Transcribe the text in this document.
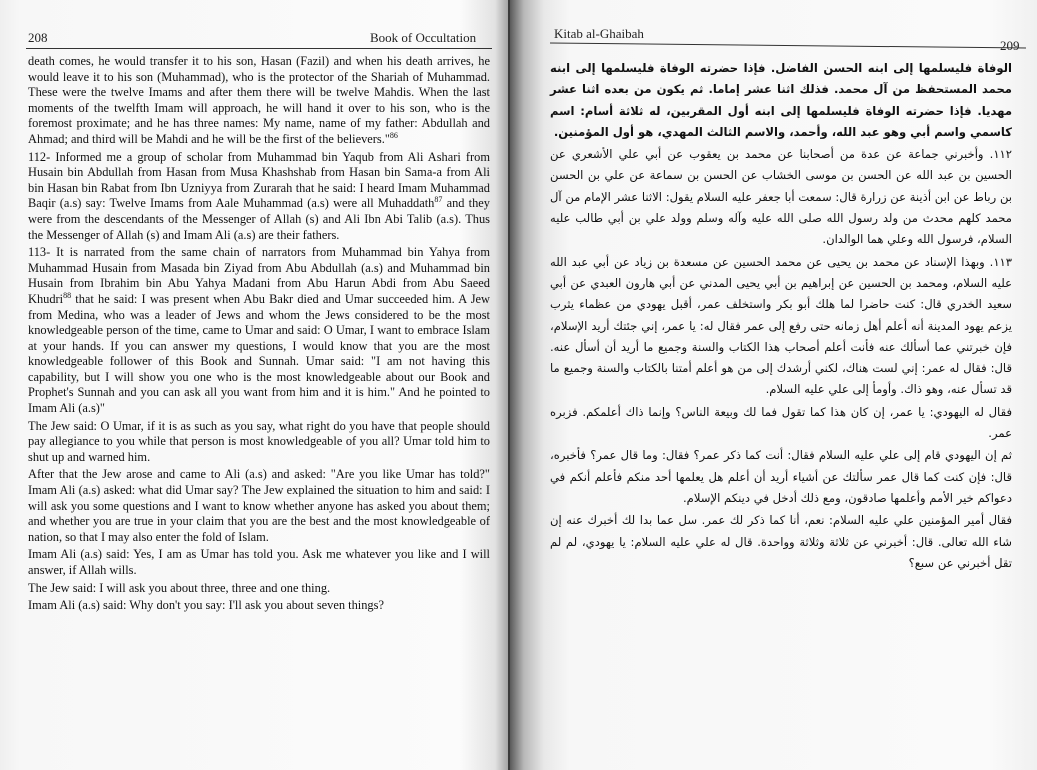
208	Book of Occultation

death comes, he would transfer it to his son, Hasan (Fazil) and when his death arrives, he would leave it to his son (Muhammad), who is the protector of the Shariah of Muhammad. These were the twelve Imams and after them there will be twelve Mahdis. When the last moments of the twelfth Imam will approach, he will hand it over to his son, who is the foremost proximate; and he has three names: My name, name of my father: Abdullah and Ahmad; and third will be Mahdi and he will be the first of the believers."$^{86}$

112- Informed me a group of scholar from Muhammad bin Yaqub from Ali Ashari from Husain bin Abdullah from Hasan from Musa Khashshab from Hasan bin Sama-a from Ali bin Hasan bin Rabat from Ibn Uzniyya from Zurarah that he said: I heard Imam Muhammad Baqir (a.s) say: Twelve Imams from Aale Muhammad (a.s) were all Muhaddath$^{87}$ and they were from the descendants of the Messenger of Allah (s) and Ali Ibn Abi Talib (a.s). Thus the Messenger of Allah (s) and Imam Ali (a.s) are their fathers.

113- It is narrated from the same chain of narrators from Muhammad bin Yahya from Muhammad Husain from Masada bin Ziyad from Abu Abdullah (a.s) and Muhammad bin Husain from Ibrahim bin Abu Yahya Madani from Abu Harun Abdi from Abu Saeed Khudri$^{88}$ that he said: I was present when Abu Bakr died and Umar succeeded him. A Jew from Medina, who was a leader of Jews and whom the Jews considered to be the most knowledgeable person of the time, came to Umar and said: O Umar, I want to embrace Islam at your hands. If you can answer my questions, I would know that you are the most knowledgeable follower of this Book and Sunnah. Umar said: "I am not having this capability, but I will show you one who is the most knowledgeable about our Book and Prophet's Sunnah and you can ask all you want from him and it is him." And he pointed to Imam Ali (a.s)"

The Jew said: O Umar, if it is as such as you say, what right do you have that people should pay allegiance to you while that person is most knowledgeable of you all? Umar told him to shut up and warned him.

After that the Jew arose and came to Ali (a.s) and asked: "Are you like Umar has told?" Imam Ali (a.s) asked: what did Umar say? The Jew explained the situation to him and said: I will ask you some questions and I want to know whether anyone has asked you about them; and whether you are true in your claim that you are the best and the most knowledgeable of nation, so that I may also enter the fold of Islam.

Imam Ali (a.s) said: Yes, I am as Umar has told you. Ask me whatever you like and I will answer, if Allah wills.

The Jew said: I will ask you about three, three and one thing.

Imam Ali (a.s) said: Why don't you say: I'll ask you about seven things?

Kitab al-Ghaibah
209

الوفاة فليسلمها إلى ابنه الحسن الفاضل. فإذا حضرته الوفاة فليسلمها إلى ابنه محمد المستحفظ من آل محمد. فذلك اثنا عشر إماما. ثم يكون من بعده اثنا عشر مهديا. فإذا حضرته الوفاة فليسلمها إلى ابنه أول المقربين، له ثلاثة أسام: اسم كاسمي واسم أبي وهو عبد الله، وأحمد، والاسم الثالث المهدي، هو أول المؤمنين.

١١٢. وأخبرني جماعة عن عدة من أصحابنا عن محمد بن يعقوب عن أبي علي الأشعري عن الحسين بن عبد الله عن الحسن بن موسى الخشاب عن الحسن بن سماعة عن علي بن الحسن بن رباط عن ابن أذينة عن زرارة قال: سمعت أبا جعفر عليه السلام يقول: الاثنا عشر الإمام من آل محمد كلهم محدث من ولد رسول الله صلى الله عليه وآله وسلم وولد علي بن أبي طالب عليه السلام، فرسول الله وعلي هما الوالدان.

١١٣. وبهذا الإسناد عن محمد بن يحيى عن محمد الحسين عن مسعدة بن زياد عن أبي عبد الله عليه السلام، ومحمد بن الحسين عن إبراهيم بن أبي يحيى المدني عن أبي هارون العبدي عن أبي سعيد الخدري قال: كنت حاضرا لما هلك أبو بكر واستخلف عمر، أقبل يهودي من عظماء يثرب يزعم يهود المدينة أنه أعلم أهل زمانه حتى رفع إلى عمر فقال له: يا عمر، إني جئتك أريد الإسلام، فإن خبرتني عما أسألك عنه فأنت أعلم أصحاب هذا الكتاب والسنة وجميع ما أريد أن أسأل عنه. قال: فقال له عمر: إني لست هناك، لكني أرشدك إلى من هو أعلم أمتنا بالكتاب والسنة وجميع ما قد تسأل عنه، وهو ذاك. وأومأ إلى علي عليه السلام.

فقال له اليهودي: يا عمر، إن كان هذا كما تقول فما لك وبيعة الناس؟ وإنما ذاك أعلمكم. فزبره عمر.

ثم إن اليهودي قام إلى علي عليه السلام فقال: أنت كما ذكر عمر؟ فقال: وما قال عمر؟ فأخبره، قال: فإن كنت كما قال عمر سألتك عن أشياء أريد أن أعلم هل يعلمها أحد منكم فأعلم أنكم في دعواكم خير الأمم وأعلمها صادقون، ومع ذلك أدخل في دينكم الإسلام.

فقال أمير المؤمنين علي عليه السلام: نعم، أنا كما ذكر لك عمر. سل عما بدا لك أخبرك عنه إن شاء الله تعالى. قال: أخبرني عن ثلاثة وثلاثة وواحدة. قال له علي عليه السلام: يا يهودي، لم لم تقل أخبرني عن سبع؟
